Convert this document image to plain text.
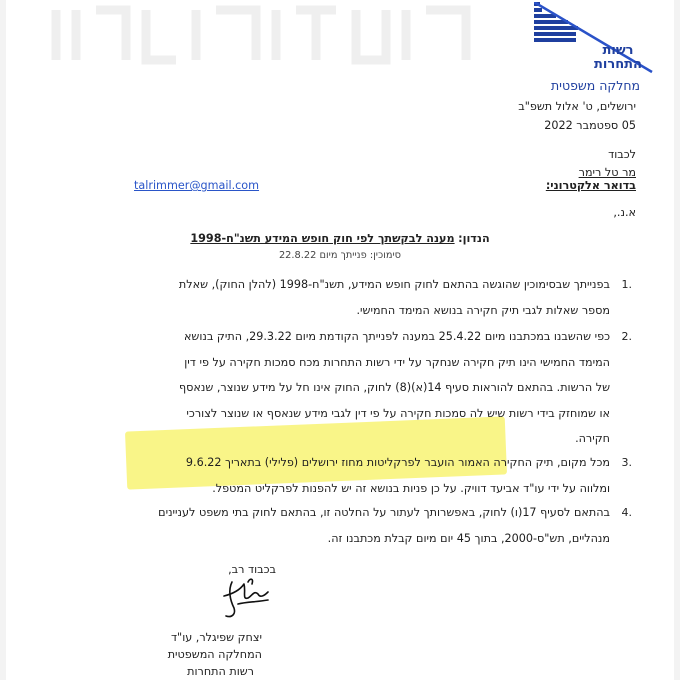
רשות התחרות
מחלקה משפטית
ירושלים, ט' אלול תשפ"ב
05 ספטמבר 2022
לכבוד
מר טל רימר
בדואר אלקטרוני:
talrimmer@gmail.com
א.נ.,
הנדון: מענה לבקשתך לפי חוק חופש המידע תשנ"ח-1998
סימוכין: פנייתך מיום 22.8.22
1.
בפנייתך שבסימוכין שהוגשה בהתאם לחוק חופש המידע, תשנ"ח-1998 (להלן החוק), שאלת
מספר שאלות לגבי תיק חקירה בנושא המימד החמישי.
2.
כפי שהשבנו במכתבנו מיום 25.4.22 במענה לפנייתך הקודמת מיום 29.3.22, התיק בנושא
המימד החמישי הינו תיק חקירה שנחקר על ידי רשות התחרות מכח סמכות חקירה על פי דין
של הרשות. בהתאם להוראות סעיף 14(א)(8) לחוק, החוק אינו חל על מידע שנוצר, שנאסף
או שמוחזק בידי רשות שיש לה סמכות חקירה על פי דין לגבי מידע שנאסף או שנוצר לצורכי
חקירה.
3.
מכל מקום, תיק החקירה האמור הועבר לפרקליטות מחוז ירושלים (פלילי) בתאריך 9.6.22
ומלווה על ידי עו"ד אביעד דוויק. על כן פניות בנושא זה יש להפנות לפרקליט המטפל.
4.
בהתאם לסעיף 17(ו) לחוק, באפשרותך לעתור על החלטה זו, בהתאם לחוק בתי משפט לעניינים
מנהליים, תש"ס-2000, בתוך 45 יום מיום קבלת מכתבנו זה.
בכבוד רב,
יצחק שפיגלר, עו"ד
המחלקה המשפטית
רשות התחרות
